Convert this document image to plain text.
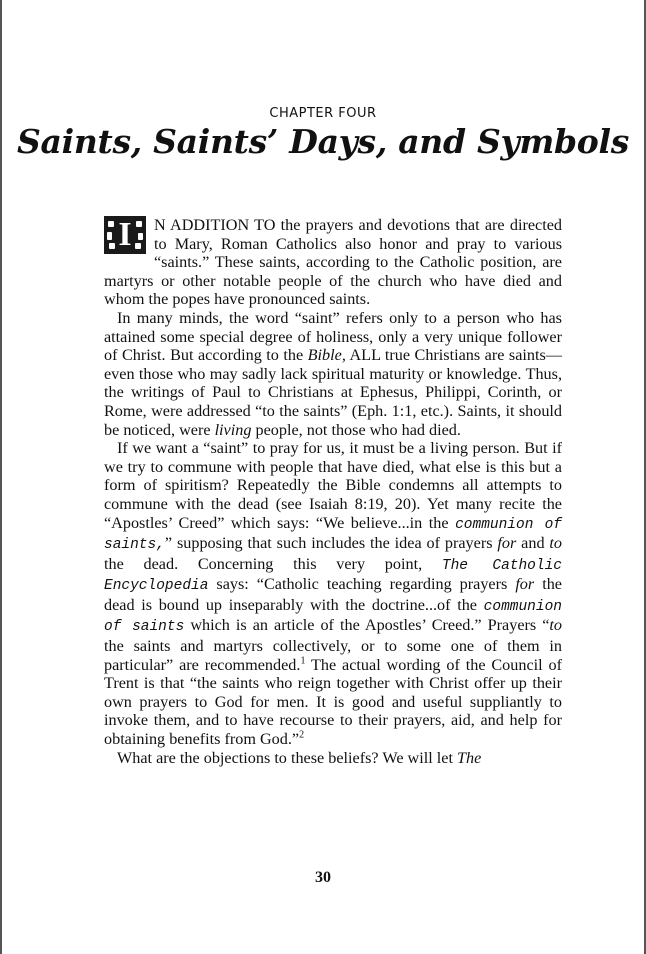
CHAPTER FOUR
Saints, Saints’ Days, and Symbols

I N ADDITION TO the prayers and devotions that are directed to Mary, Roman Catholics also honor and pray to various “saints.” These saints, according to the Catholic position, are martyrs or other notable people of the church who have died and whom the popes have pronounced saints.

In many minds, the word “saint” refers only to a person who has attained some special degree of holiness, only a very unique follower of Christ. But according to the Bible, ALL true Christians are saints—even those who may sadly lack spiritual maturity or knowledge. Thus, the writings of Paul to Christians at Ephesus, Philippi, Corinth, or Rome, were addressed “to the saints” (Eph. 1:1, etc.). Saints, it should be noticed, were living people, not those who had died.

If we want a “saint” to pray for us, it must be a living person. But if we try to commune with people that have died, what else is this but a form of spiritism? Repeatedly the Bible condemns all attempts to commune with the dead (see Isaiah 8:19, 20). Yet many recite the “Apostles’ Creed” which says: “We believe...in the communion of saints,” supposing that such includes the idea of prayers for and to the dead. Concerning this very point, The Catholic Encyclopedia says: “Catholic teaching regarding prayers for the dead is bound up inseparably with the doctrine...of the communion of saints which is an article of the Apostles’ Creed.” Prayers “to the saints and martyrs collectively, or to some one of them in particular” are recommended.$^1$ The actual wording of the Council of Trent is that “the saints who reign together with Christ offer up their own prayers to God for men. It is good and useful suppliantly to invoke them, and to have recourse to their prayers, aid, and help for obtaining benefits from God.”$^2$

What are the objections to these beliefs? We will let The

30
